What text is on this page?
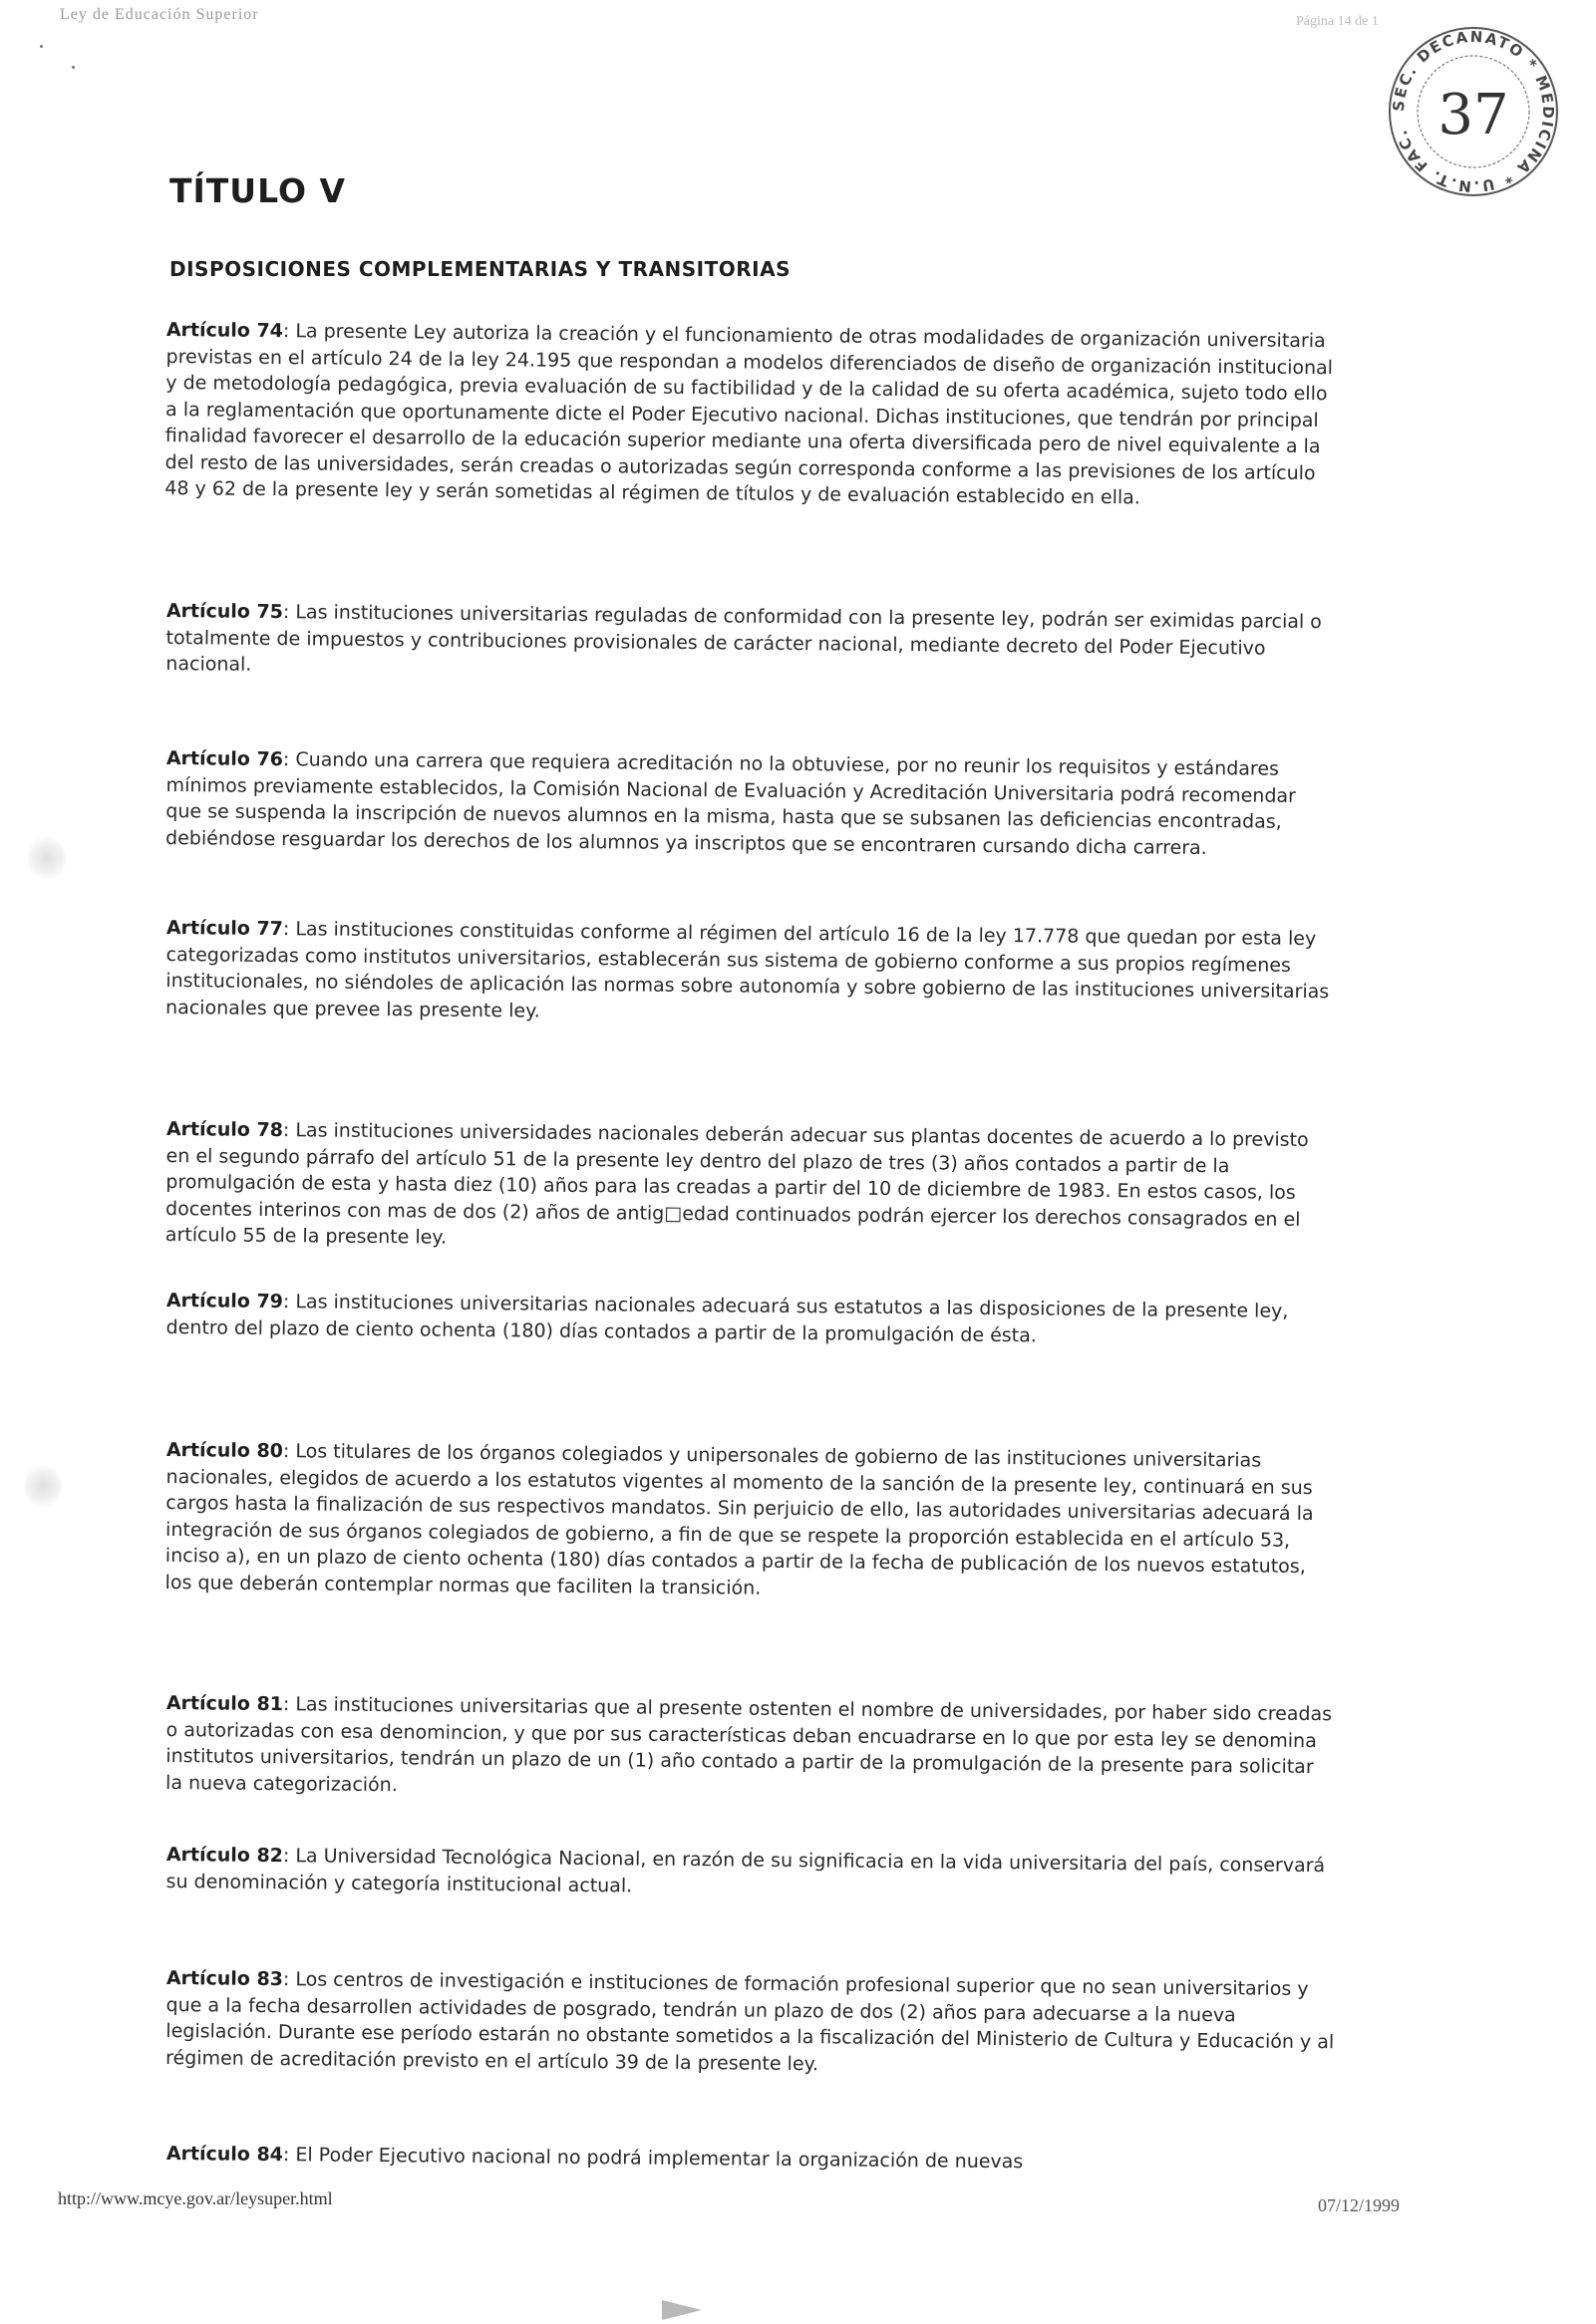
Ley de Educación Superior	Página 14 de 1
SEC. DECANATO * MEDICINA * U.N.T. FAC. 37
TÍTULO V
DISPOSICIONES COMPLEMENTARIAS Y TRANSITORIAS

Artículo 74: La presente Ley autoriza la creación y el funcionamiento de otras modalidades de organización universitaria previstas en el artículo 24 de la ley 24.195 que respondan a modelos diferenciados de diseño de organización institucional y de metodología pedagógica, previa evaluación de su factibilidad y de la calidad de su oferta académica, sujeto todo ello a la reglamentación que oportunamente dicte el Poder Ejecutivo nacional. Dichas instituciones, que tendrán por principal finalidad favorecer el desarrollo de la educación superior mediante una oferta diversificada pero de nivel equivalente a la del resto de las universidades, serán creadas o autorizadas según corresponda conforme a las previsiones de los artículo 48 y 62 de la presente ley y serán sometidas al régimen de títulos y de evaluación establecido en ella.

Artículo 75: Las instituciones universitarias reguladas de conformidad con la presente ley, podrán ser eximidas parcial o totalmente de impuestos y contribuciones provisionales de carácter nacional, mediante decreto del Poder Ejecutivo nacional.

Artículo 76: Cuando una carrera que requiera acreditación no la obtuviese, por no reunir los requisitos y estándares mínimos previamente establecidos, la Comisión Nacional de Evaluación y Acreditación Universitaria podrá recomendar que se suspenda la inscripción de nuevos alumnos en la misma, hasta que se subsanen las deficiencias encontradas, debiéndose resguardar los derechos de los alumnos ya inscriptos que se encontraren cursando dicha carrera.

Artículo 77: Las instituciones constituidas conforme al régimen del artículo 16 de la ley 17.778 que quedan por esta ley categorizadas como institutos universitarios, establecerán sus sistema de gobierno conforme a sus propios regímenes institucionales, no siéndoles de aplicación las normas sobre autonomía y sobre gobierno de las instituciones universitarias nacionales que prevee las presente ley.

Artículo 78: Las instituciones universidades nacionales deberán adecuar sus plantas docentes de acuerdo a lo previsto en el segundo párrafo del artículo 51 de la presente ley dentro del plazo de tres (3) años contados a partir de la promulgación de esta y hasta diez (10) años para las creadas a partir del 10 de diciembre de 1983. En estos casos, los docentes interinos con mas de dos (2) años de antig□edad continuados podrán ejercer los derechos consagrados en el artículo 55 de la presente ley.

Artículo 79: Las instituciones universitarias nacionales adecuará sus estatutos a las disposiciones de la presente ley, dentro del plazo de ciento ochenta (180) días contados a partir de la promulgación de ésta.

Artículo 80: Los titulares de los órganos colegiados y unipersonales de gobierno de las instituciones universitarias nacionales, elegidos de acuerdo a los estatutos vigentes al momento de la sanción de la presente ley, continuará en sus cargos hasta la finalización de sus respectivos mandatos. Sin perjuicio de ello, las autoridades universitarias adecuará la integración de sus órganos colegiados de gobierno, a fin de que se respete la proporción establecida en el artículo 53, inciso a), en un plazo de ciento ochenta (180) días contados a partir de la fecha de publicación de los nuevos estatutos, los que deberán contemplar normas que faciliten la transición.

Artículo 81: Las instituciones universitarias que al presente ostenten el nombre de universidades, por haber sido creadas o autorizadas con esa denomincion, y que por sus características deban encuadrarse en lo que por esta ley se denomina institutos universitarios, tendrán un plazo de un (1) año contado a partir de la promulgación de la presente para solicitar la nueva categorización.

Artículo 82: La Universidad Tecnológica Nacional, en razón de su significacia en la vida universitaria del país, conservará su denominación y categoría institucional actual.

Artículo 83: Los centros de investigación e instituciones de formación profesional superior que no sean universitarios y que a la fecha desarrollen actividades de posgrado, tendrán un plazo de dos (2) años para adecuarse a la nueva legislación. Durante ese período estarán no obstante sometidos a la fiscalización del Ministerio de Cultura y Educación y al régimen de acreditación previsto en el artículo 39 de la presente ley.

Artículo 84: El Poder Ejecutivo nacional no podrá implementar la organización de nuevas

http://www.mcye.gov.ar/leysuper.html	07/12/1999
